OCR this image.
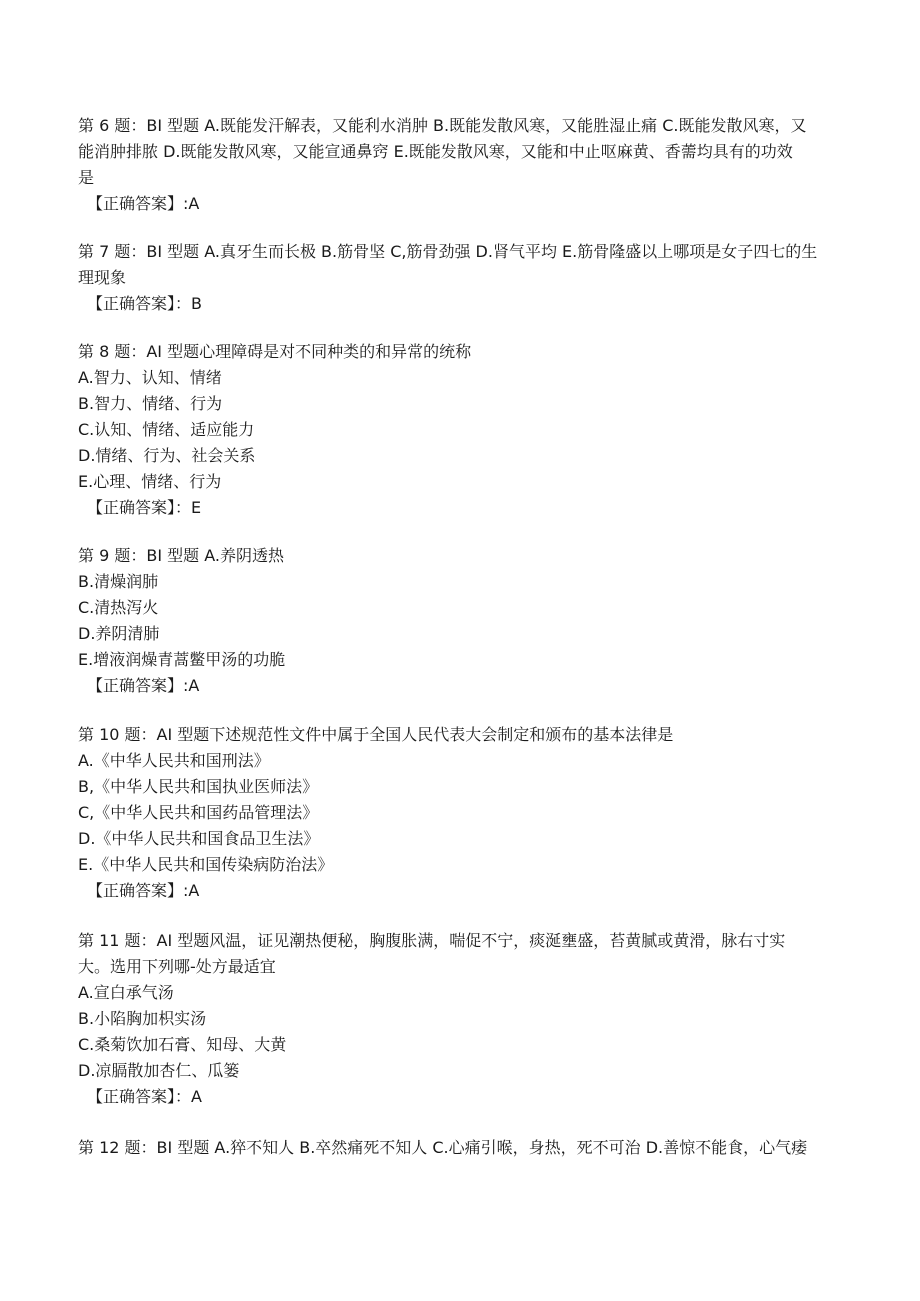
第 6 题：BI 型题 A.既能发汗解表，又能利水消肿 B.既能发散风寒，又能胜湿止痛 C.既能发散风寒，又
能消肿排脓 D.既能发散风寒，又能宣通鼻窍 E.既能发散风寒，又能和中止呕麻黄、香薷均具有的功效
是
【正确答案】:A
第 7 题：BI 型题 A.真牙生而长极 B.筋骨坚 C,筋骨劲强 D.肾气平均 E.筋骨隆盛以上哪项是女子四七的生
理现象
【正确答案】：B
第 8 题：AI 型题心理障碍是对不同种类的和异常的统称
A.智力、认知、情绪
B.智力、情绪、行为
C.认知、情绪、适应能力
D.情绪、行为、社会关系
E.心理、情绪、行为
【正确答案】：E
第 9 题：BI 型题 A.养阴透热
B.清燥润肺
C.清热泻火
D.养阴清肺
E.增液润燥青蒿鳖甲汤的功脆
【正确答案】:A
第 10 题：AI 型题下述规范性文件中属于全国人民代表大会制定和颁布的基本法律是
A.《中华人民共和国刑法》
B,《中华人民共和国执业医师法》
C,《中华人民共和国药品管理法》
D.《中华人民共和国食品卫生法》
E.《中华人民共和国传染病防治法》
【正确答案】:A
第 11 题：AI 型题风温，证见潮热便秘，胸腹胀满，喘促不宁，痰涎壅盛，苔黄腻或黄滑，脉右寸实
大。选用下列哪-处方最适宜
A.宣白承气汤
B.小陷胸加枳实汤
C.桑菊饮加石膏、知母、大黄
D.凉膈散加杏仁、瓜篓
【正确答案】：A
第 12 题：BI 型题 A.猝不知人 B.卒然痛死不知人 C.心痛引喉，身热，死不可治 D.善惊不能食，心气痿
